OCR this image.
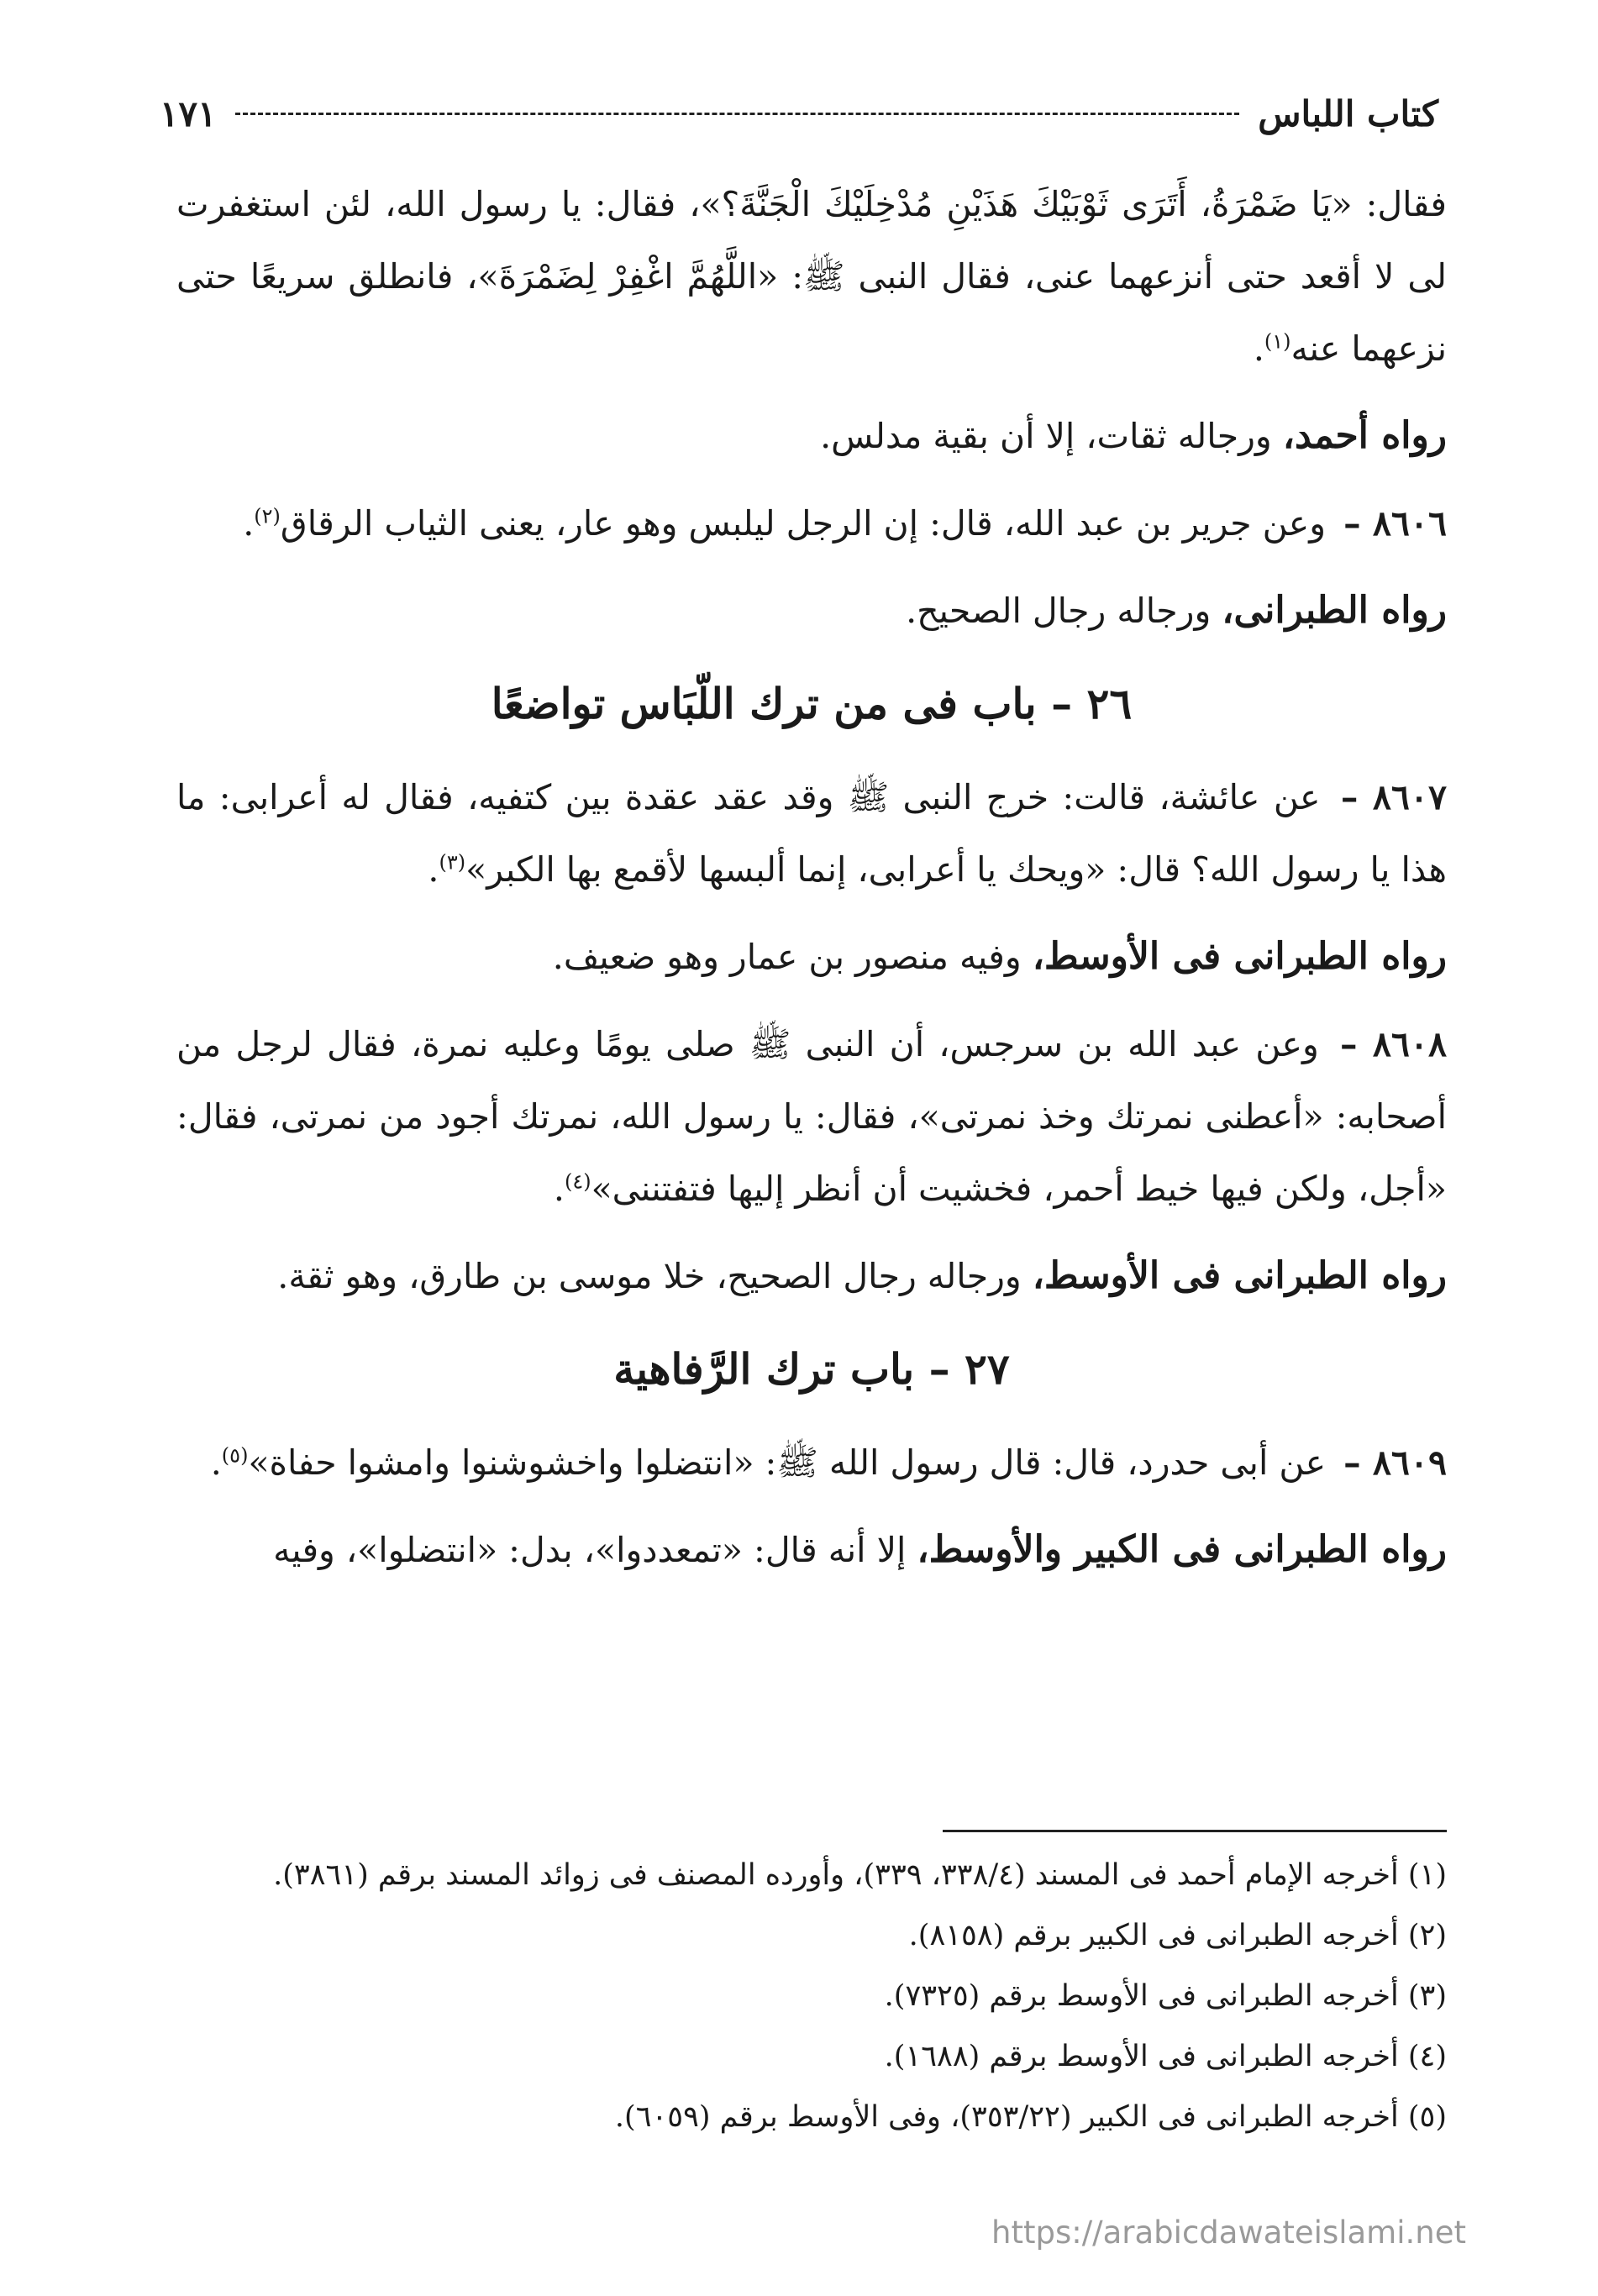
كتاب اللباس
١٧١

فقال: «يَا ضَمْرَةُ، أَتَرَى ثَوْبَيْكَ هَذَيْنِ مُدْخِلَيْكَ الْجَنَّةَ؟»، فقال: يا رسول الله، لئن استغفرت لى لا أقعد حتى أنزعهما عنى، فقال النبى ﷺ: «اللَّهُمَّ اغْفِرْ لِضَمْرَةَ»، فانطلق سريعًا حتى نزعهما عنه$^{(١)}$.

رواه أحمد، ورجاله ثقات، إلا أن بقية مدلس.

٨٦٠٦ – وعن جرير بن عبد الله، قال: إن الرجل ليلبس وهو عار، يعنى الثياب الرقاق$^{(٢)}$.

رواه الطبرانى، ورجاله رجال الصحيح.

٢٦ – باب فى من ترك اللّبَاس تواضعًا

٨٦٠٧ – عن عائشة، قالت: خرج النبى ﷺ وقد عقد عقدة بين كتفيه، فقال له أعرابى: ما هذا يا رسول الله؟ قال: «ويحك يا أعرابى، إنما ألبسها لأقمع بها الكبر»$^{(٣)}$.

رواه الطبرانى فى الأوسط، وفيه منصور بن عمار وهو ضعيف.

٨٦٠٨ – وعن عبد الله بن سرجس، أن النبى ﷺ صلى يومًا وعليه نمرة، فقال لرجل من أصحابه: «أعطنى نمرتك وخذ نمرتى»، فقال: يا رسول الله، نمرتك أجود من نمرتى، فقال: «أجل، ولكن فيها خيط أحمر، فخشيت أن أنظر إليها فتفتننى»$^{(٤)}$.

رواه الطبرانى فى الأوسط، ورجاله رجال الصحيح، خلا موسى بن طارق، وهو ثقة.

٢٧ – باب ترك الرَّفاهية

٨٦٠٩ – عن أبى حدرد، قال: قال رسول الله ﷺ: «انتضلوا واخشوشنوا وامشوا حفاة»$^{(٥)}$.

رواه الطبرانى فى الكبير والأوسط، إلا أنه قال: «تمعددوا»، بدل: «انتضلوا»، وفيه

(١) أخرجه الإمام أحمد فى المسند (٣٣٨/٤، ٣٣٩)، وأورده المصنف فى زوائد المسند برقم (٣٨٦١).
(٢) أخرجه الطبرانى فى الكبير برقم (٨١٥٨).
(٣) أخرجه الطبرانى فى الأوسط برقم (٧٣٢٥).
(٤) أخرجه الطبرانى فى الأوسط برقم (١٦٨٨).
(٥) أخرجه الطبرانى فى الكبير (٣٥٣/٢٢)، وفى الأوسط برقم (٦٠٥٩).
https://arabicdawateislami.net
